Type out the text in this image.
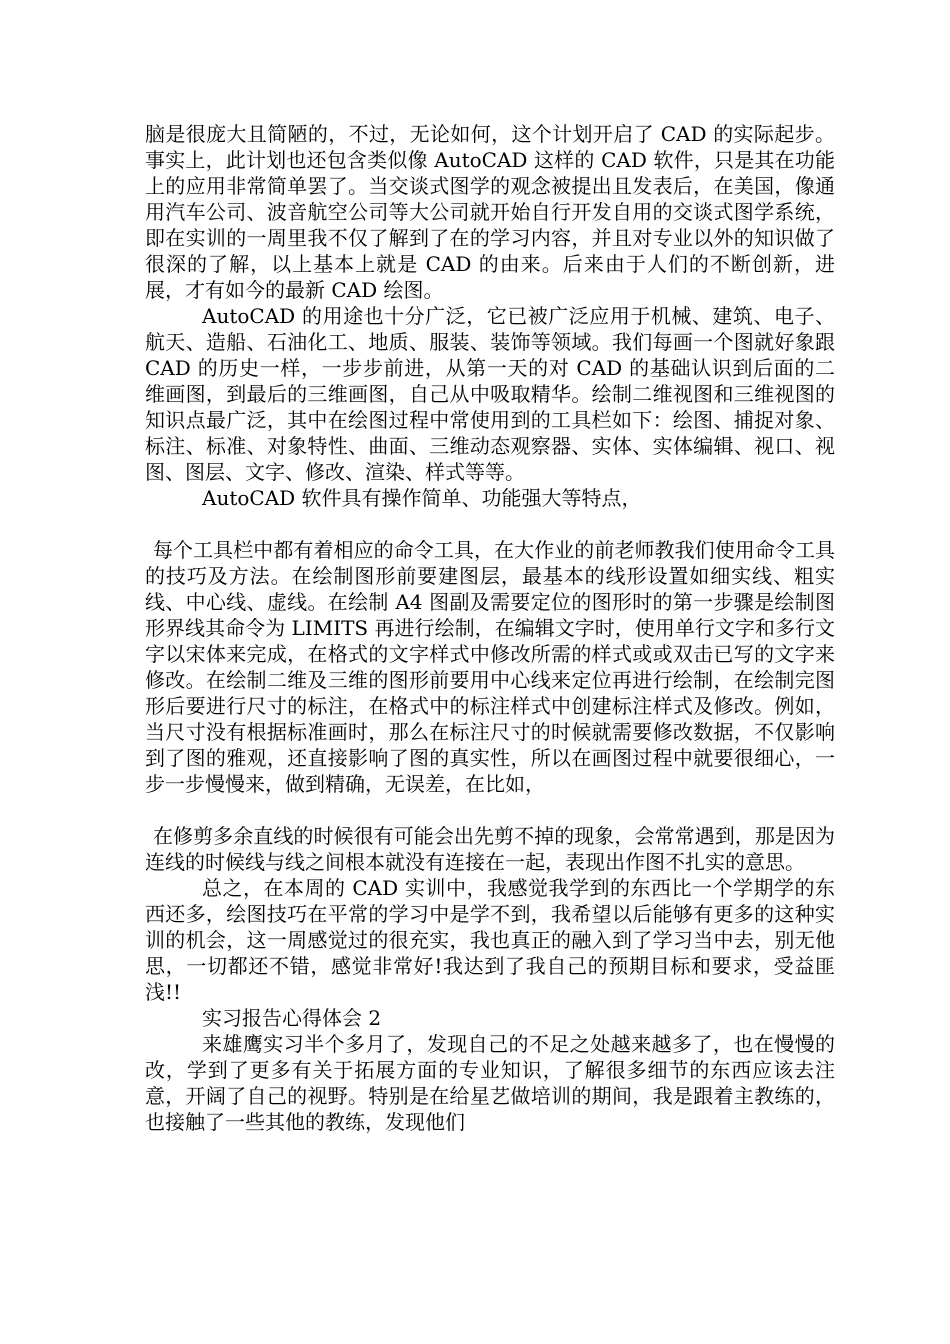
脑是很庞大且简陋的，不过，无论如何，这个计划开启了 CAD 的实际起步。事实上，此计划也还包含类似像 AutoCAD 这样的 CAD 软件，只是其在功能上的应用非常简单罢了。当交谈式图学的观念被提出且发表后，在美国，像通用汽车公司、波音航空公司等大公司就开始自行开发自用的交谈式图学系统，即在实训的一周里我不仅了解到了在的学习内容，并且对专业以外的知识做了很深的了解，以上基本上就是 CAD 的由来。后来由于人们的不断创新，进展，才有如今的最新 CAD 绘图。

AutoCAD 的用途也十分广泛，它已被广泛应用于机械、建筑、电子、航天、造船、石油化工、地质、服装、装饰等领域。我们每画一个图就好象跟 CAD 的历史一样，一步步前进，从第一天的对 CAD 的基础认识到后面的二维画图，到最后的三维画图，自己从中吸取精华。绘制二维视图和三维视图的知识点最广泛，其中在绘图过程中常使用到的工具栏如下：绘图、捕捉对象、标注、标准、对象特性、曲面、三维动态观察器、实体、实体编辑、视口、视图、图层、文字、修改、渲染、样式等等。

AutoCAD 软件具有操作简单、功能强大等特点，

每个工具栏中都有着相应的命令工具，在大作业的前老师教我们使用命令工具的技巧及方法。在绘制图形前要建图层，最基本的线形设置如细实线、粗实线、中心线、虚线。在绘制 A4 图副及需要定位的图形时的第一步骤是绘制图形界线其命令为 LIMITS 再进行绘制，在编辑文字时，使用单行文字和多行文字以宋体来完成，在格式的文字样式中修改所需的样式或或双击已写的文字来修改。在绘制二维及三维的图形前要用中心线来定位再进行绘制，在绘制完图形后要进行尺寸的标注，在格式中的标注样式中创建标注样式及修改。例如，当尺寸没有根据标准画时，那么在标注尺寸的时候就需要修改数据，不仅影响到了图的雅观，还直接影响了图的真实性，所以在画图过程中就要很细心，一步一步慢慢来，做到精确，无误差，在比如，

在修剪多余直线的时候很有可能会出先剪不掉的现象，会常常遇到，那是因为连线的时候线与线之间根本就没有连接在一起，表现出作图不扎实的意思。

总之，在本周的 CAD 实训中，我感觉我学到的东西比一个学期学的东西还多，绘图技巧在平常的学习中是学不到，我希望以后能够有更多的这种实训的机会，这一周感觉过的很充实，我也真正的融入到了学习当中去，别无他思，一切都还不错，感觉非常好!我达到了我自己的预期目标和要求，受益匪浅!!

实习报告心得体会 2

来雄鹰实习半个多月了，发现自己的不足之处越来越多了，也在慢慢的改，学到了更多有关于拓展方面的专业知识，了解很多细节的东西应该去注意，开阔了自己的视野。特别是在给星艺做培训的期间，我是跟着主教练的，也接触了一些其他的教练，发现他们
